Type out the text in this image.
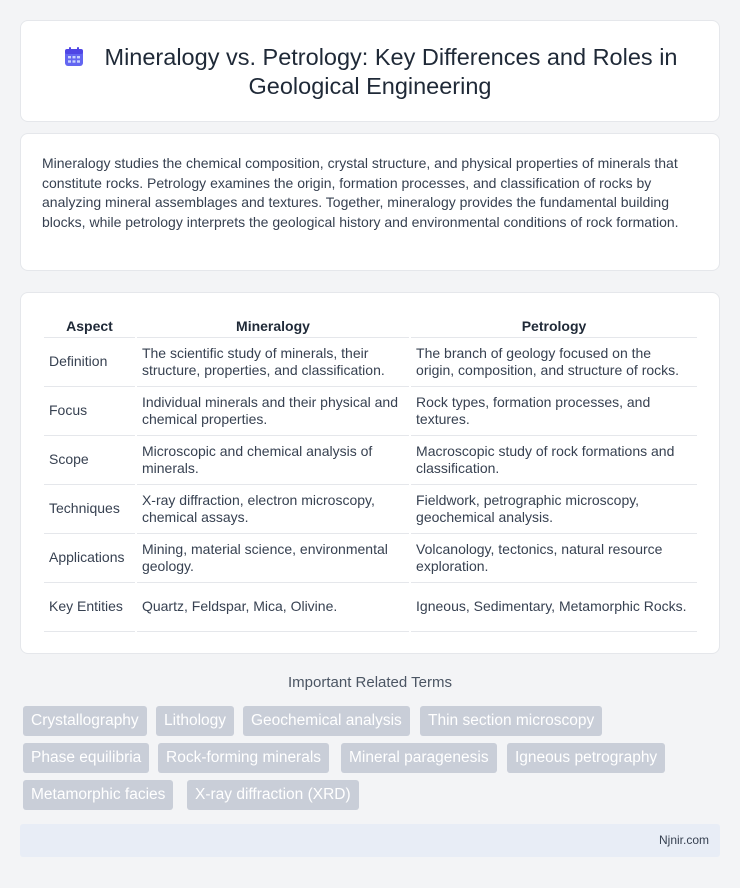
Mineralogy vs. Petrology: Key Differences and Roles in Geological Engineering

Mineralogy studies the chemical composition, crystal structure, and physical properties of minerals that constitute rocks. Petrology examines the origin, formation processes, and classification of rocks by analyzing mineral assemblages and textures. Together, mineralogy provides the fundamental building blocks, while petrology interprets the geological history and environmental conditions of rock formation.

Aspect	Mineralogy	Petrology
Definition	The scientific study of minerals, their structure, properties, and classification.	The branch of geology focused on the origin, composition, and structure of rocks.
Focus	Individual minerals and their physical and chemical properties.	Rock types, formation processes, and textures.
Scope	Microscopic and chemical analysis of minerals.	Macroscopic study of rock formations and classification.
Techniques	X-ray diffraction, electron microscopy, chemical assays.	Fieldwork, petrographic microscopy, geochemical analysis.
Applications	Mining, material science, environmental geology.	Volcanology, tectonics, natural resource exploration.
Key Entities	Quartz, Feldspar, Mica, Olivine.	Igneous, Sedimentary, Metamorphic Rocks.
Important Related Terms
Crystallography	Lithology	Geochemical analysis	Thin section microscopy
Phase equilibria	Rock-forming minerals	Mineral paragenesis	Igneous petrography
Metamorphic facies	X-ray diffraction (XRD)
Njnir.com
